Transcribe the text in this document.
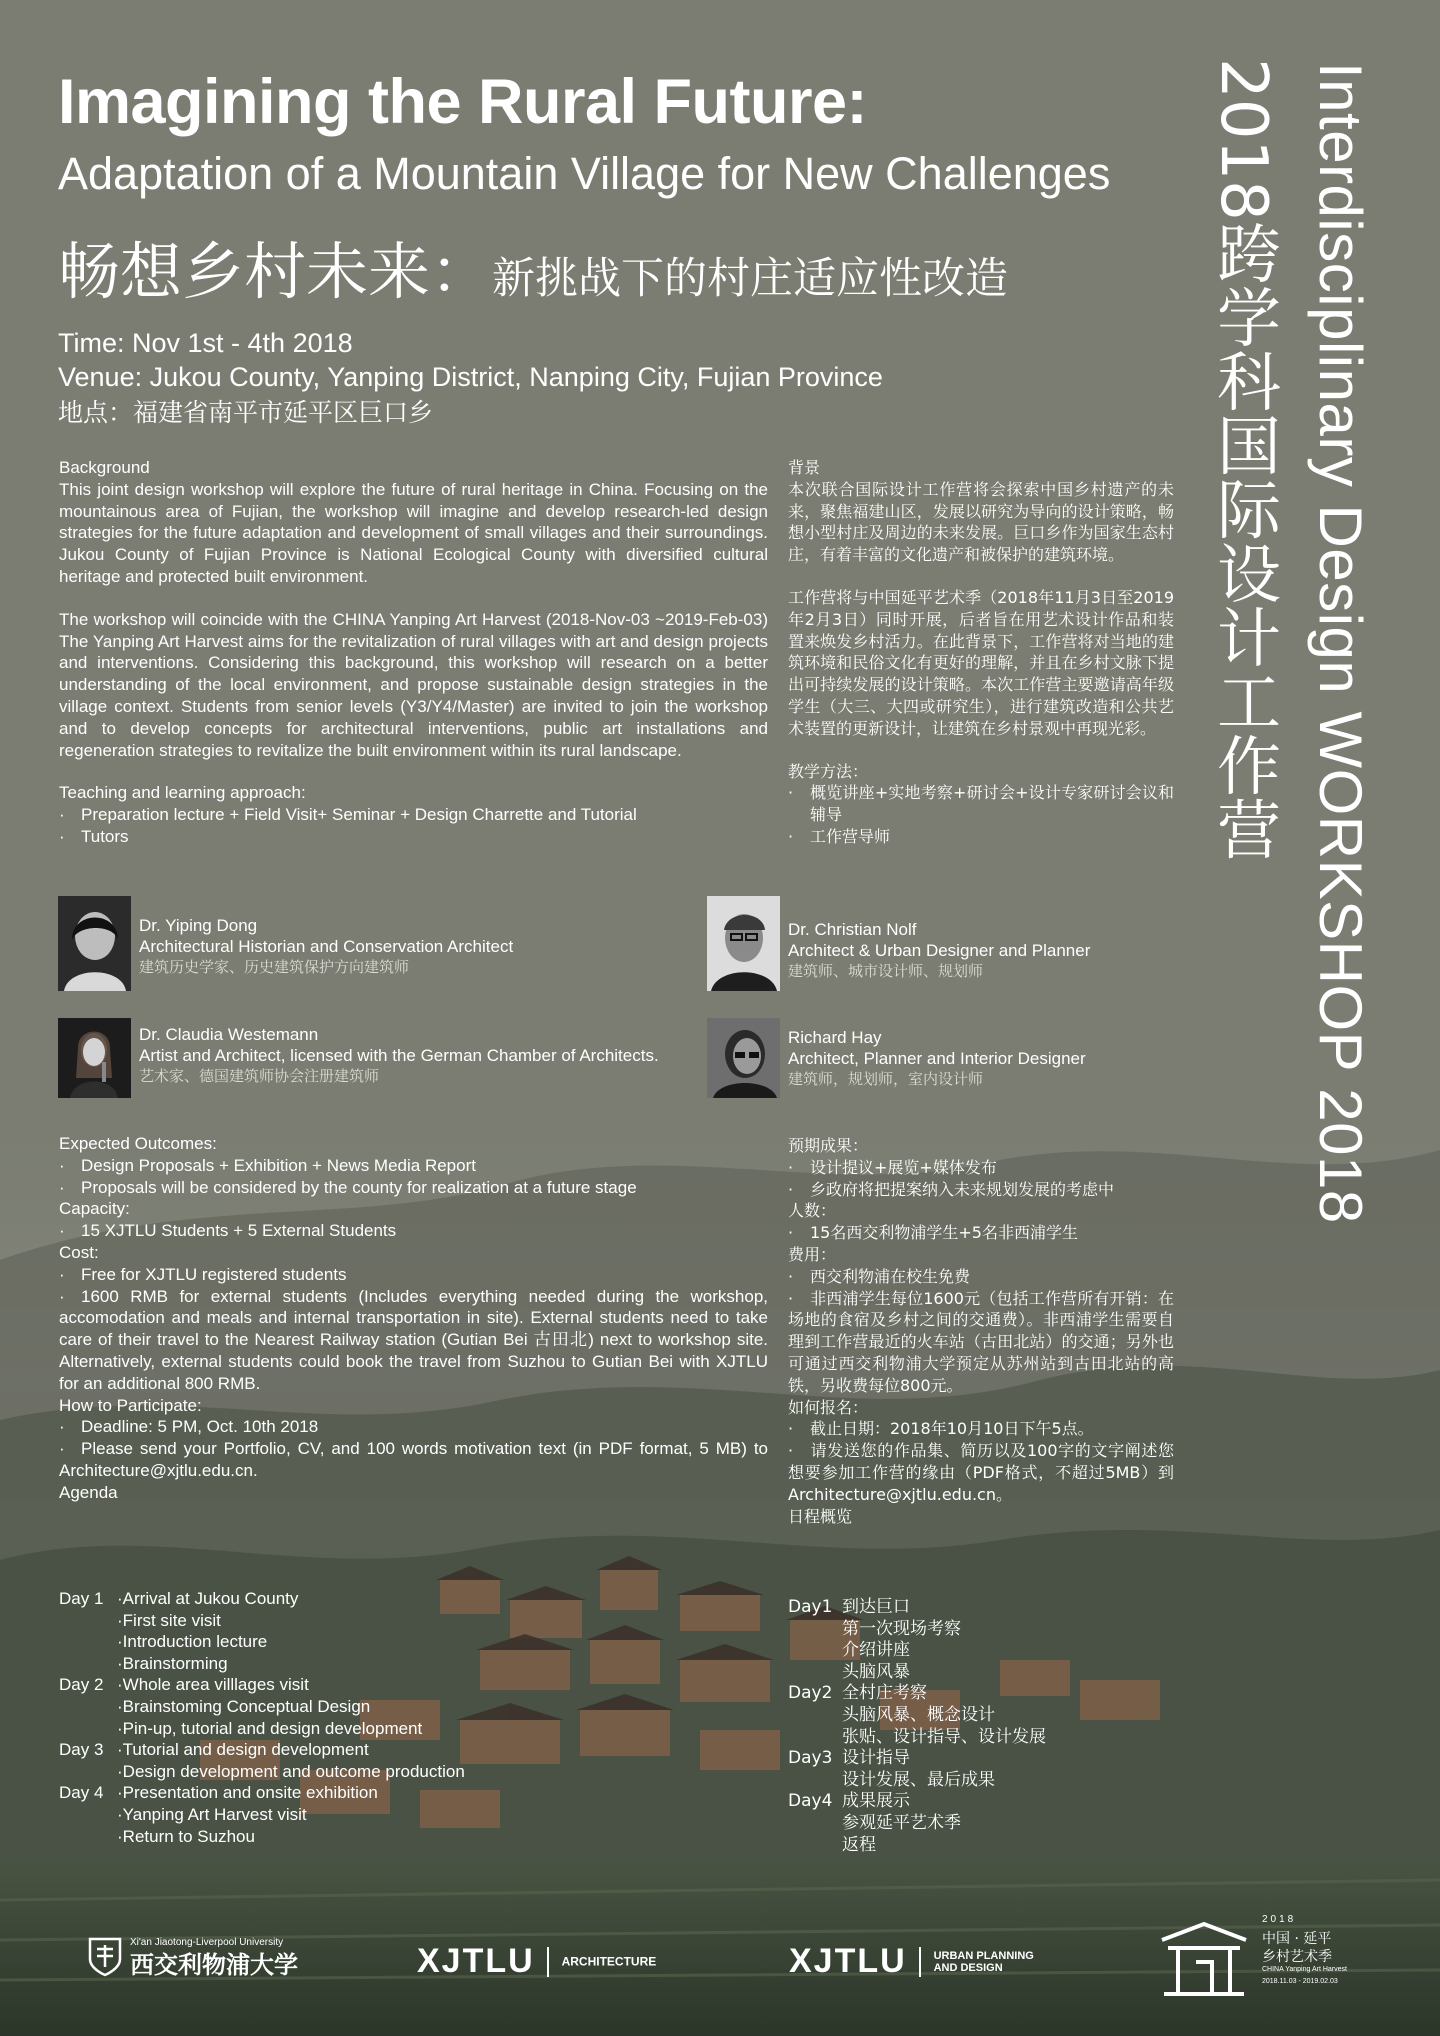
Imagining the Rural Future:
Adaptation of a Mountain Village for New Challenges
畅想乡村未来：新挑战下的村庄适应性改造
Time: Nov 1st - 4th 2018
Venue: Jukou County, Yanping District, Nanping City, Fujian Province
地点：福建省南平市延平区巨口乡	Interdisciplinary Design WORKSHOP 2018
2018跨学科国际设计工作营

Background

This joint design workshop will explore the future of rural heritage in China. Focusing on the mountainous area of Fujian, the workshop will imagine and develop research-led design strategies for the future adaptation and development of small villages and their surroundings. Jukou County of Fujian Province is National Ecological County with diversified cultural heritage and protected built environment.

The workshop will coincide with the CHINA Yanping Art Harvest (2018-Nov-03 ~2019-Feb-03) The Yanping Art Harvest aims for the revitalization of rural villages with art and design projects and interventions. Considering this background, this workshop will research on a better understanding of the local environment, and propose sustainable design strategies in the village context. Students from senior levels (Y3/Y4/Master) are invited to join the workshop and to develop concepts for architectural interventions, public art installations and regeneration strategies to revitalize the built environment within its rural landscape.

Teaching and learning approach:

· Preparation lecture + Field Visit+ Seminar + Design Charrette and Tutorial

· Tutors

背景

本次联合国际设计工作营将会探索中国乡村遗产的未来，聚焦福建山区，发展以研究为导向的设计策略，畅想小型村庄及周边的未来发展。巨口乡作为国家生态村庄，有着丰富的文化遗产和被保护的建筑环境。

工作营将与中国延平艺术季（2018年11月3日至2019年2月3日）同时开展，后者旨在用艺术设计作品和装置来焕发乡村活力。在此背景下，工作营将对当地的建筑环境和民俗文化有更好的理解，并且在乡村文脉下提出可持续发展的设计策略。本次工作营主要邀请高年级学生（大三、大四或研究生），进行建筑改造和公共艺术装置的更新设计，让建筑在乡村景观中再现光彩。

教学方法：

· 概览讲座+实地考察+研讨会+设计专家研讨会议和辅导

· 工作营导师

Dr. Yiping Dong
Architectural Historian and Conservation Architect
建筑历史学家、历史建筑保护方向建筑师
Dr. Christian Nolf
Architect & Urban Designer and Planner
建筑师、城市设计师、规划师
Dr. Claudia Westemann
Artist and Architect, licensed with the German Chamber of Architects.
艺术家、德国建筑师协会注册建筑师
Richard Hay
Architect, Planner and Interior Designer
建筑师，规划师，室内设计师

Expected Outcomes:

· Design Proposals + Exhibition + News Media Report

· Proposals will be considered by the county for realization at a future stage

Capacity:

· 15 XJTLU Students + 5 External Students

Cost:

· Free for XJTLU registered students

· 1600 RMB for external students (Includes everything needed during the workshop, accomodation and meals and internal transportation in site). External students need to take care of their travel to the Nearest Railway station (Gutian Bei 古田北) next to workshop site. Alternatively, external students could book the travel from Suzhou to Gutian Bei with XJTLU for an additional 800 RMB.

How to Participate:

· Deadline: 5 PM, Oct. 10th 2018

· Please send your Portfolio, CV, and 100 words motivation text (in PDF format, 5 MB) to Architecture@xjtlu.edu.cn.

Agenda

Day 1	·Arrival at Jukou County
	·First site visit
	·Introduction lecture
	·Brainstorming
Day 2	·Whole area villlages visit
	·Brainstoming Conceptual Design
	·Pin-up, tutorial and design development
Day 3	·Tutorial and design development
	·Design development and outcome production
Day 4	·Presentation and onsite exhibition
	·Yanping Art Harvest visit
	·Return to Suzhou

预期成果：

· 设计提议+展览+媒体发布

· 乡政府将把提案纳入未来规划发展的考虑中

人数：

· 15名西交利物浦学生+5名非西浦学生

费用：

· 西交利物浦在校生免费

· 非西浦学生每位1600元（包括工作营所有开销：在场地的食宿及乡村之间的交通费）。非西浦学生需要自理到工作营最近的火车站（古田北站）的交通；另外也可通过西交利物浦大学预定从苏州站到古田北站的高铁，另收费每位800元。

如何报名：

· 截止日期：2018年10月10日下午5点。

· 请发送您的作品集、简历以及100字的文字阐述您想要参加工作营的缘由（PDF格式，不超过5MB）到Architecture@xjtlu.edu.cn。

日程概览

Day1	到达巨口
	第一次现场考察
	介绍讲座
	头脑风暴
Day2	全村庄考察
	头脑风暴、概念设计
	张贴、设计指导、设计发展
Day3	设计指导
	设计发展、最后成果
Day4	成果展示
	参观延平艺术季
	返程
Xi'an Jiaotong-Liverpool University
西交利物浦大学	XJTLU ARCHITECTURE	XJTLU URBAN PLANNING
AND DESIGN
2018
中国 · 延平
乡村艺术季
CHINA Yanping Art Harvest
2018.11.03 - 2019.02.03
